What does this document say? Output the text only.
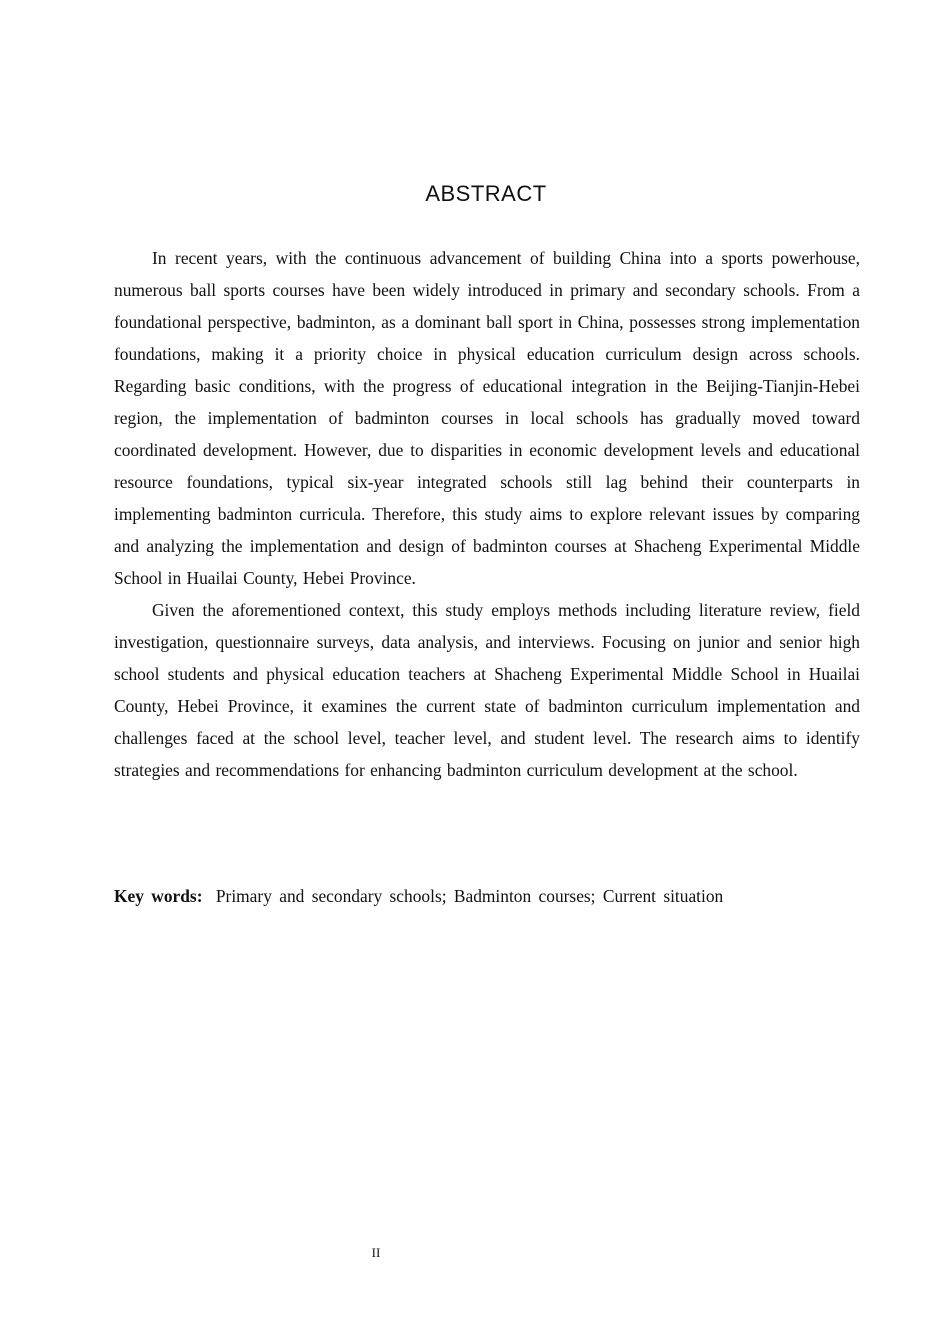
ABSTRACT

In recent years, with the continuous advancement of building China into a sports powerhouse, numerous ball sports courses have been widely introduced in primary and secondary schools. From a foundational perspective, badminton, as a dominant ball sport in China, possesses strong implementation foundations, making it a priority choice in physical education curriculum design across schools. Regarding basic conditions, with the progress of educational integration in the Beijing-Tianjin-Hebei region, the implementation of badminton courses in local schools has gradually moved toward coordinated development. However, due to disparities in economic development levels and educational resource foundations, typical six-year integrated schools still lag behind their counterparts in implementing badminton curricula. Therefore, this study aims to explore relevant issues by comparing and analyzing the implementation and design of badminton courses at Shacheng Experimental Middle School in Huailai County, Hebei Province.

Given the aforementioned context, this study employs methods including literature review, field investigation, questionnaire surveys, data analysis, and interviews. Focusing on junior and senior high school students and physical education teachers at Shacheng Experimental Middle School in Huailai County, Hebei Province, it examines the current state of badminton curriculum implementation and challenges faced at the school level, teacher level, and student level. The research aims to identify strategies and recommendations for enhancing badminton curriculum development at the school.

Key words: Primary and secondary schools; Badminton courses; Current situation
II
